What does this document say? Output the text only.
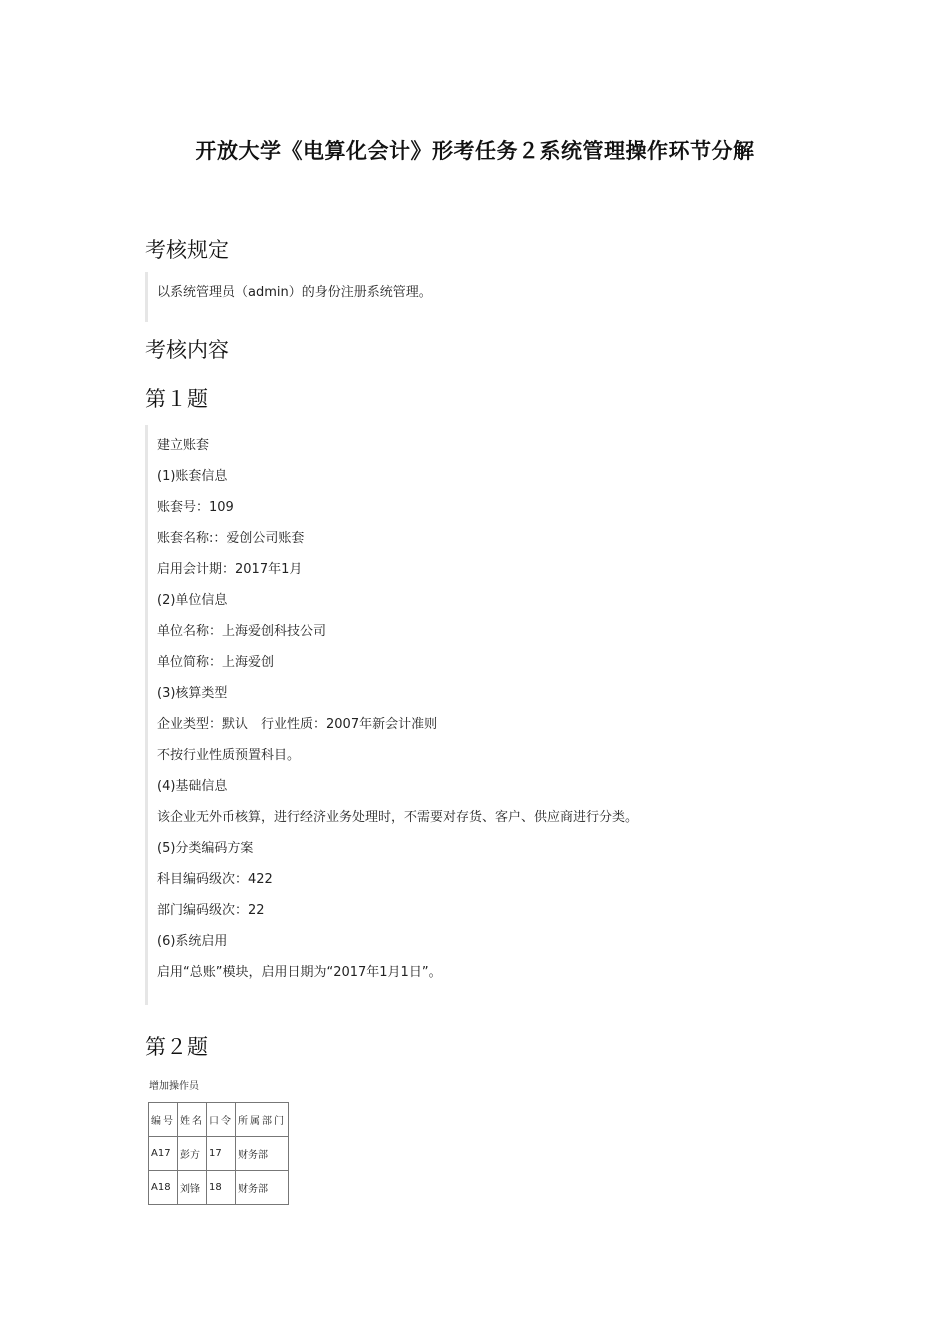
开放大学《电算化会计》形考任务２系统管理操作环节分解
考核规定
以系统管理员（admin）的身份注册系统管理。
考核内容
第１题
建立账套
(1)账套信息
账套号：109
账套名称:：爱创公司账套
启用会计期：2017年1月
(2)单位信息
单位名称：上海爱创科技公司
单位简称：上海爱创
(3)核算类型
企业类型：默认　行业性质：2007年新会计准则
不按行业性质预置科目。
(4)基础信息
该企业无外币核算，进行经济业务处理时，不需要对存货、客户、供应商进行分类。
(5)分类编码方案
科目编码级次：422
部门编码级次：22
(6)系统启用
启用“总账”模块，启用日期为“2017年1月1日”。
第２题
增加操作员
编号	姓名	口令	所属部门
A17	彭方	17	财务部
A18	刘锋	18	财务部
